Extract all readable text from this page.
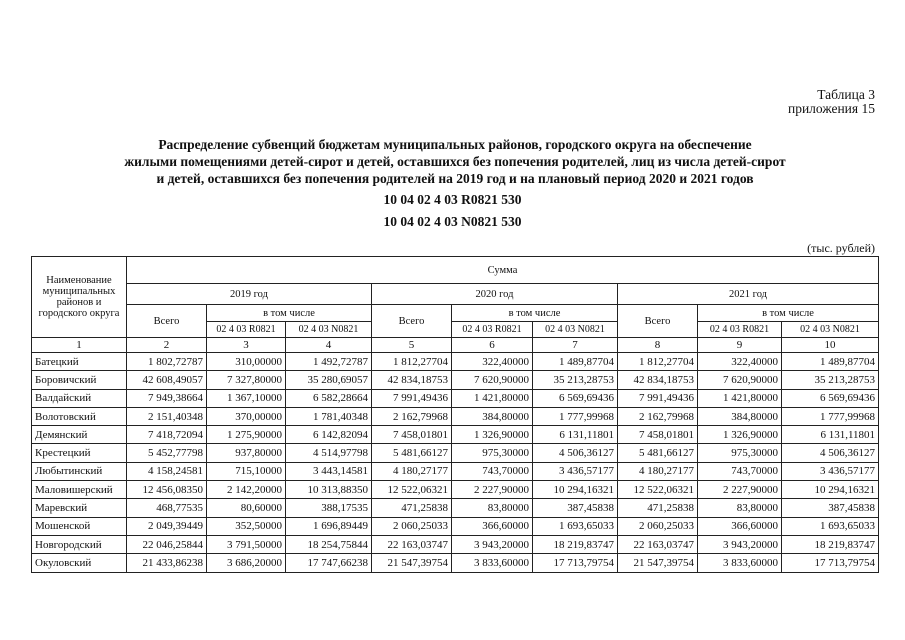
Таблица 3
приложения 15
Распределение субвенций бюджетам муниципальных районов, городского округа на обеспечение
жилыми помещениями детей-сирот и детей, оставшихся без попечения родителей, лиц из числа детей-сирот
и детей, оставшихся без попечения родителей на 2019 год и на плановый период 2020 и 2021 годов
10 04 02 4 03 R0821 530
10 04 02 4 03 N0821 530
(тыс. рублей)
Наименование муниципальных районов и городского округа	Сумма								
	2019 год			2020 год			2021 год		
	Всего	в том числе		Всего	в том числе		Всего	в том числе	
		02 4 03 R0821	02 4 03 N0821		02 4 03 R0821	02 4 03 N0821		02 4 03 R0821	02 4 03 N0821
1	2	3	4	5	6	7	8	9	10
Батецкий	1 802,72787	310,00000	1 492,72787	1 812,27704	322,40000	1 489,87704	1 812,27704	322,40000	1 489,87704
Боровичский	42 608,49057	7 327,80000	35 280,69057	42 834,18753	7 620,90000	35 213,28753	42 834,18753	7 620,90000	35 213,28753
Валдайский	7 949,38664	1 367,10000	6 582,28664	7 991,49436	1 421,80000	6 569,69436	7 991,49436	1 421,80000	6 569,69436
Волотовский	2 151,40348	370,00000	1 781,40348	2 162,79968	384,80000	1 777,99968	2 162,79968	384,80000	1 777,99968
Демянский	7 418,72094	1 275,90000	6 142,82094	7 458,01801	1 326,90000	6 131,11801	7 458,01801	1 326,90000	6 131,11801
Крестецкий	5 452,77798	937,80000	4 514,97798	5 481,66127	975,30000	4 506,36127	5 481,66127	975,30000	4 506,36127
Любытинский	4 158,24581	715,10000	3 443,14581	4 180,27177	743,70000	3 436,57177	4 180,27177	743,70000	3 436,57177
Маловишерский	12 456,08350	2 142,20000	10 313,88350	12 522,06321	2 227,90000	10 294,16321	12 522,06321	2 227,90000	10 294,16321
Маревский	468,77535	80,60000	388,17535	471,25838	83,80000	387,45838	471,25838	83,80000	387,45838
Мошенской	2 049,39449	352,50000	1 696,89449	2 060,25033	366,60000	1 693,65033	2 060,25033	366,60000	1 693,65033
Новгородский	22 046,25844	3 791,50000	18 254,75844	22 163,03747	3 943,20000	18 219,83747	22 163,03747	3 943,20000	18 219,83747
Окуловский	21 433,86238	3 686,20000	17 747,66238	21 547,39754	3 833,60000	17 713,79754	21 547,39754	3 833,60000	17 713,79754
